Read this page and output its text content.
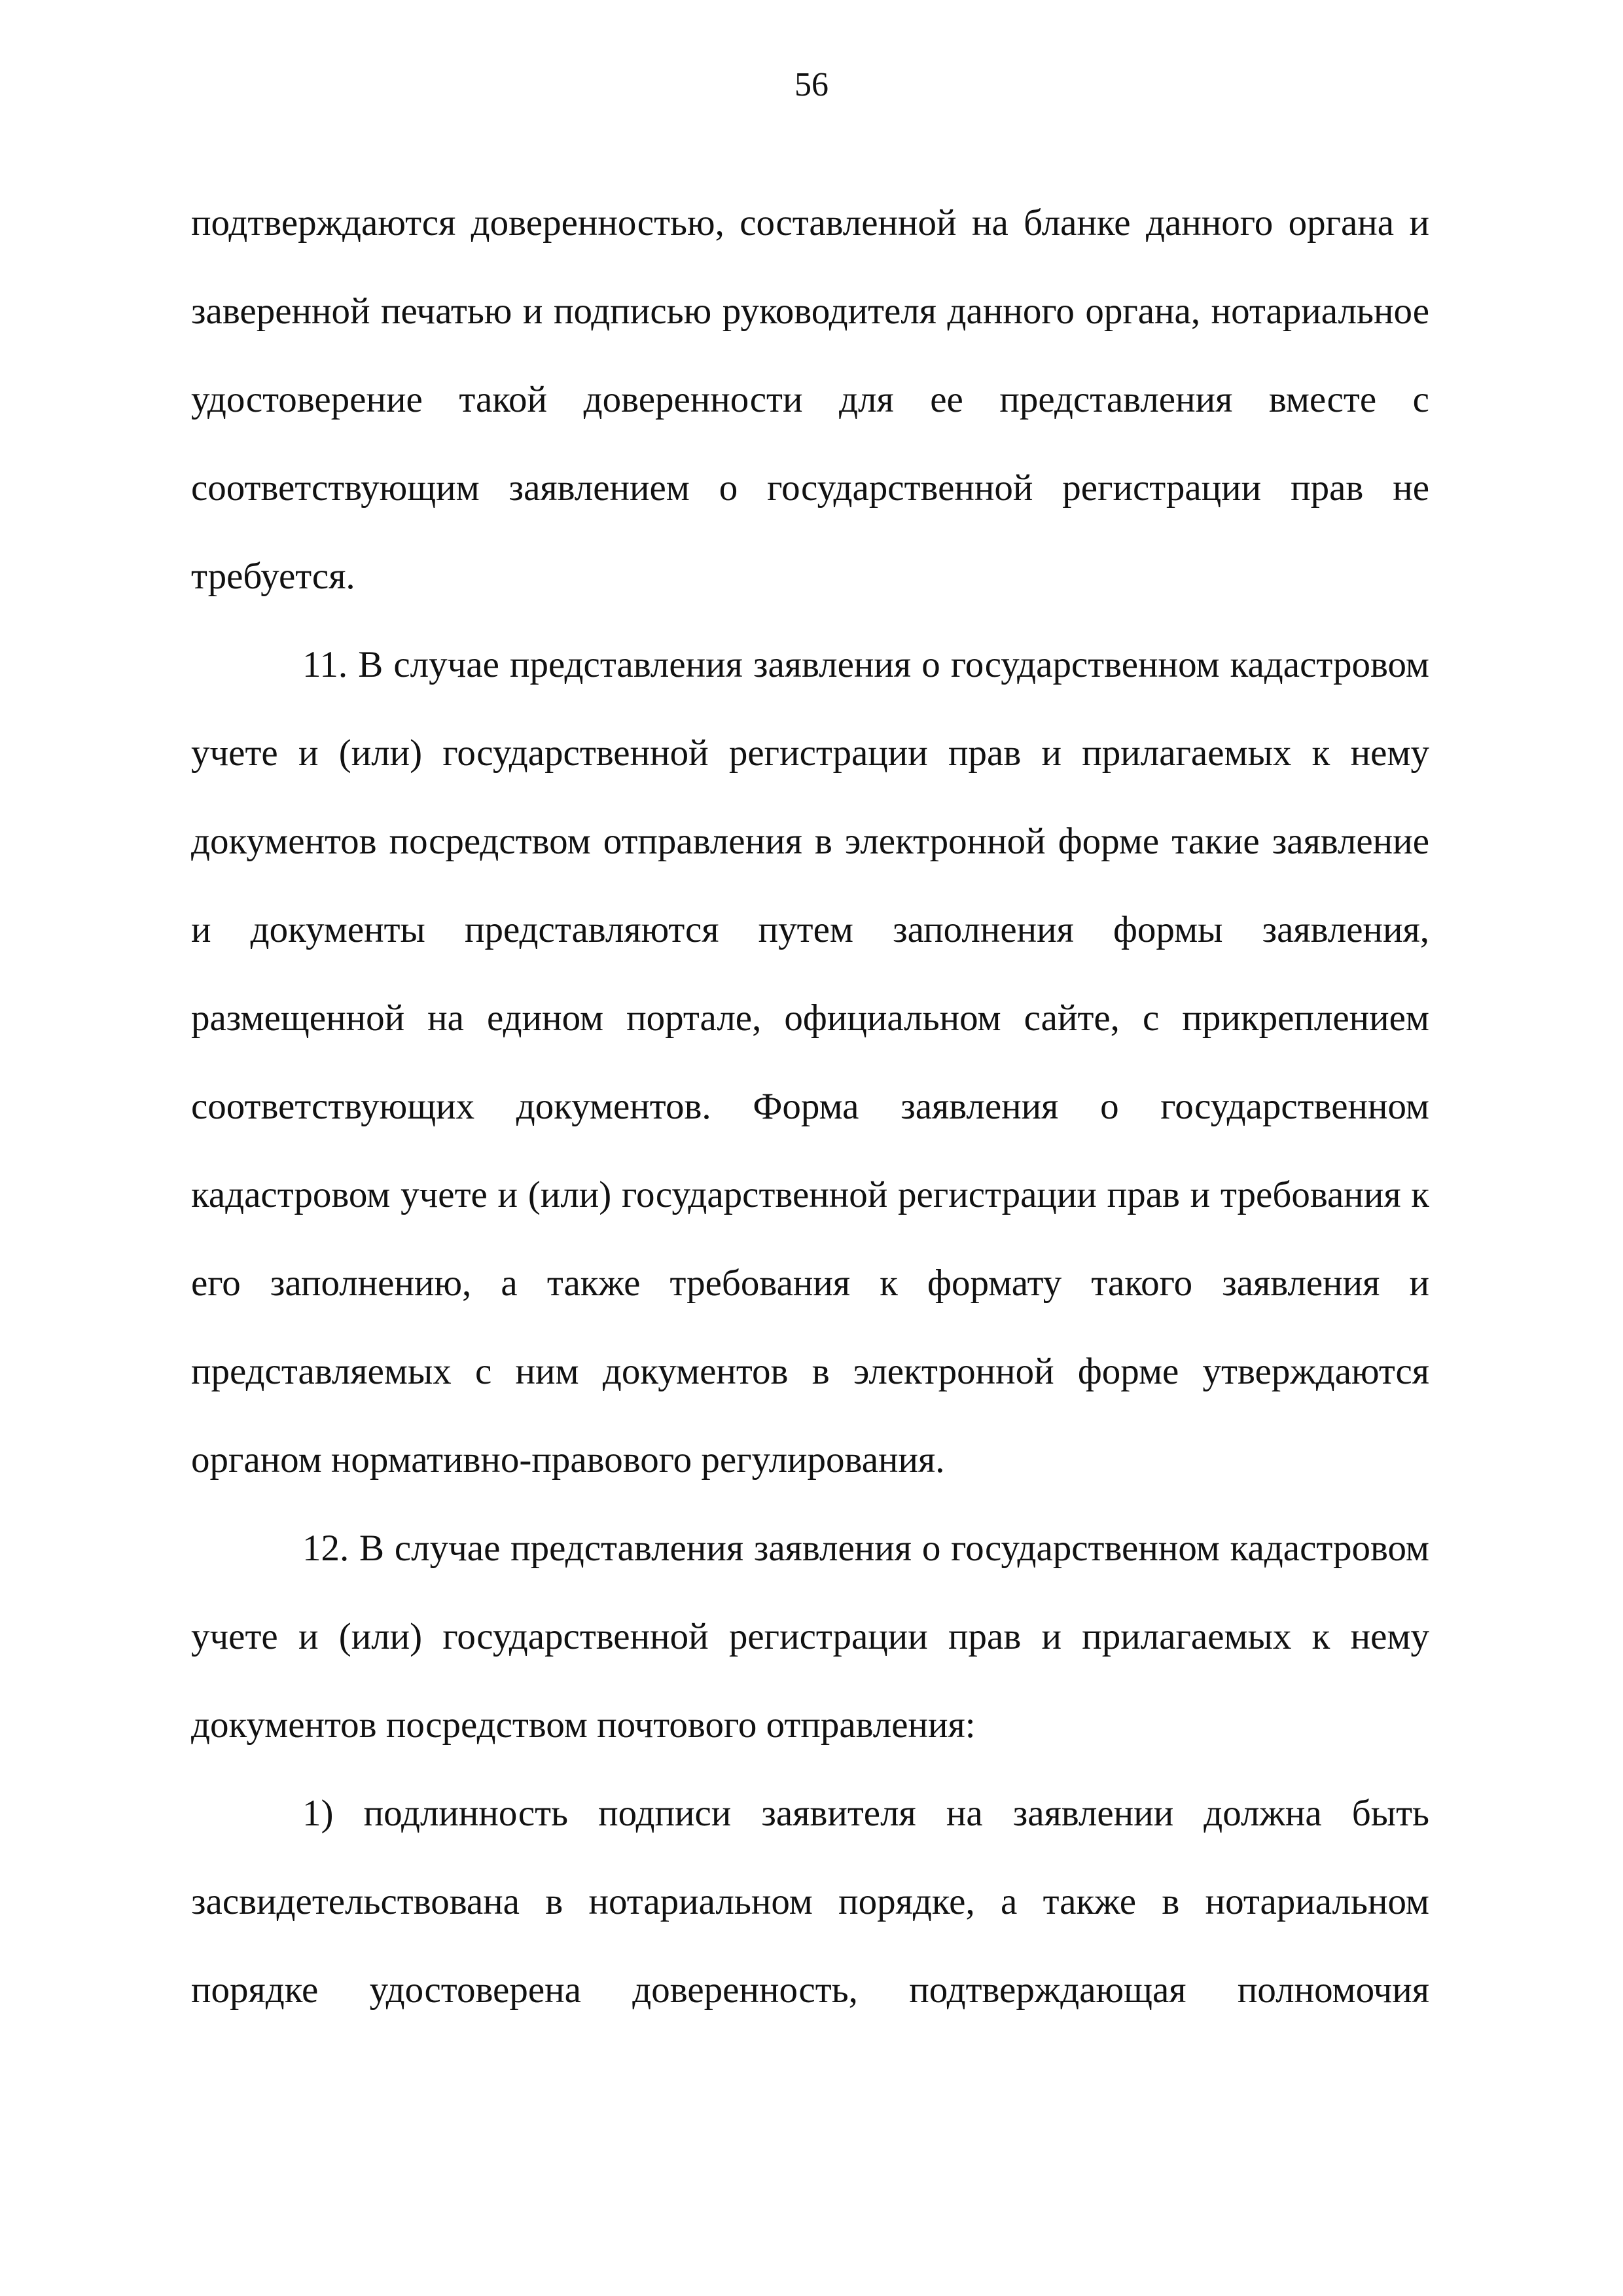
56

подтверждаются доверенностью, составленной на бланке данного органа и заверенной печатью и подписью руководителя данного органа, нотариальное удостоверение такой доверенности для ее представления вместе с соответствующим заявлением о государственной регистрации прав не требуется.

11. В случае представления заявления о государственном кадастровом учете и (или) государственной регистрации прав и прилагаемых к нему документов посредством отправления в электронной форме такие заявление и документы представляются путем заполнения формы заявления, размещенной на едином портале, официальном сайте, с прикреплением соответствующих документов. Форма заявления о государственном кадастровом учете и (или) государственной регистрации прав и требования к его заполнению, а также требования к формату такого заявления и представляемых с ним документов в электронной форме утверждаются органом нормативно-правового регулирования.

12. В случае представления заявления о государственном кадастровом учете и (или) государственной регистрации прав и прилагаемых к нему документов посредством почтового отправления:

1) подлинность подписи заявителя на заявлении должна быть засвидетельствована в нотариальном порядке, а также в нотариальном порядке удостоверена доверенность, подтверждающая полномочия
